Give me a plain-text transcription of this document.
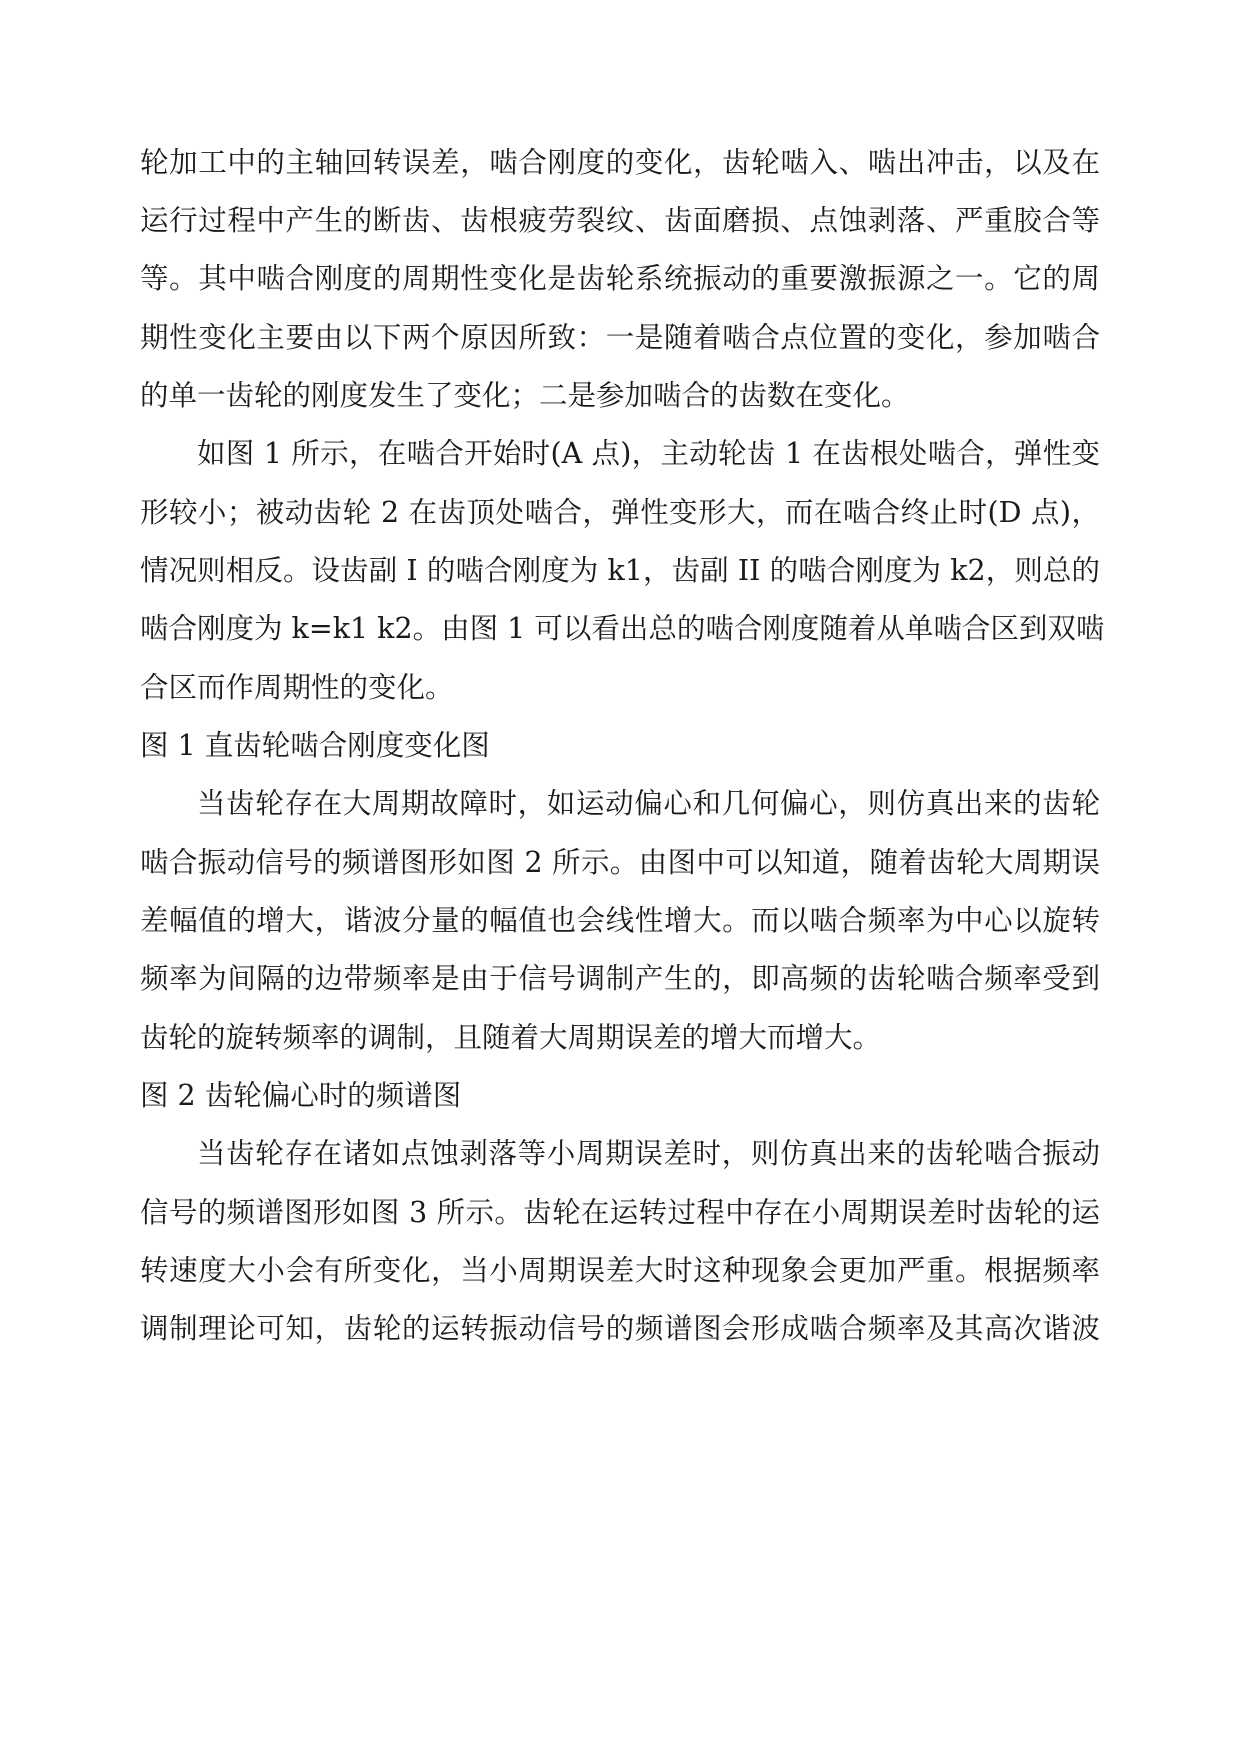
轮加工中的主轴回转误差，啮合刚度的变化，齿轮啮入、啮出冲击，以及在

运行过程中产生的断齿、齿根疲劳裂纹、齿面磨损、点蚀剥落、严重胶合等

等。其中啮合刚度的周期性变化是齿轮系统振动的重要激振源之一。它的周

期性变化主要由以下两个原因所致：一是随着啮合点位置的变化，参加啮合

的单一齿轮的刚度发生了变化；二是参加啮合的齿数在变化。

如图 1 所示，在啮合开始时(A 点)，主动轮齿 1 在齿根处啮合，弹性变

形较小；被动齿轮 2 在齿顶处啮合，弹性变形大，而在啮合终止时(D 点)，

情况则相反。设齿副 I 的啮合刚度为 k1，齿副 II 的啮合刚度为 k2，则总的

啮合刚度为 k=k1 k2。由图 1 可以看出总的啮合刚度随着从单啮合区到双啮

合区而作周期性的变化。

图 1 直齿轮啮合刚度变化图

当齿轮存在大周期故障时，如运动偏心和几何偏心，则仿真出来的齿轮

啮合振动信号的频谱图形如图 2 所示。由图中可以知道，随着齿轮大周期误

差幅值的增大，谐波分量的幅值也会线性增大。而以啮合频率为中心以旋转

频率为间隔的边带频率是由于信号调制产生的，即高频的齿轮啮合频率受到

齿轮的旋转频率的调制，且随着大周期误差的增大而增大。

图 2 齿轮偏心时的频谱图

当齿轮存在诸如点蚀剥落等小周期误差时，则仿真出来的齿轮啮合振动

信号的频谱图形如图 3 所示。齿轮在运转过程中存在小周期误差时齿轮的运

转速度大小会有所变化，当小周期误差大时这种现象会更加严重。根据频率

调制理论可知，齿轮的运转振动信号的频谱图会形成啮合频率及其高次谐波
